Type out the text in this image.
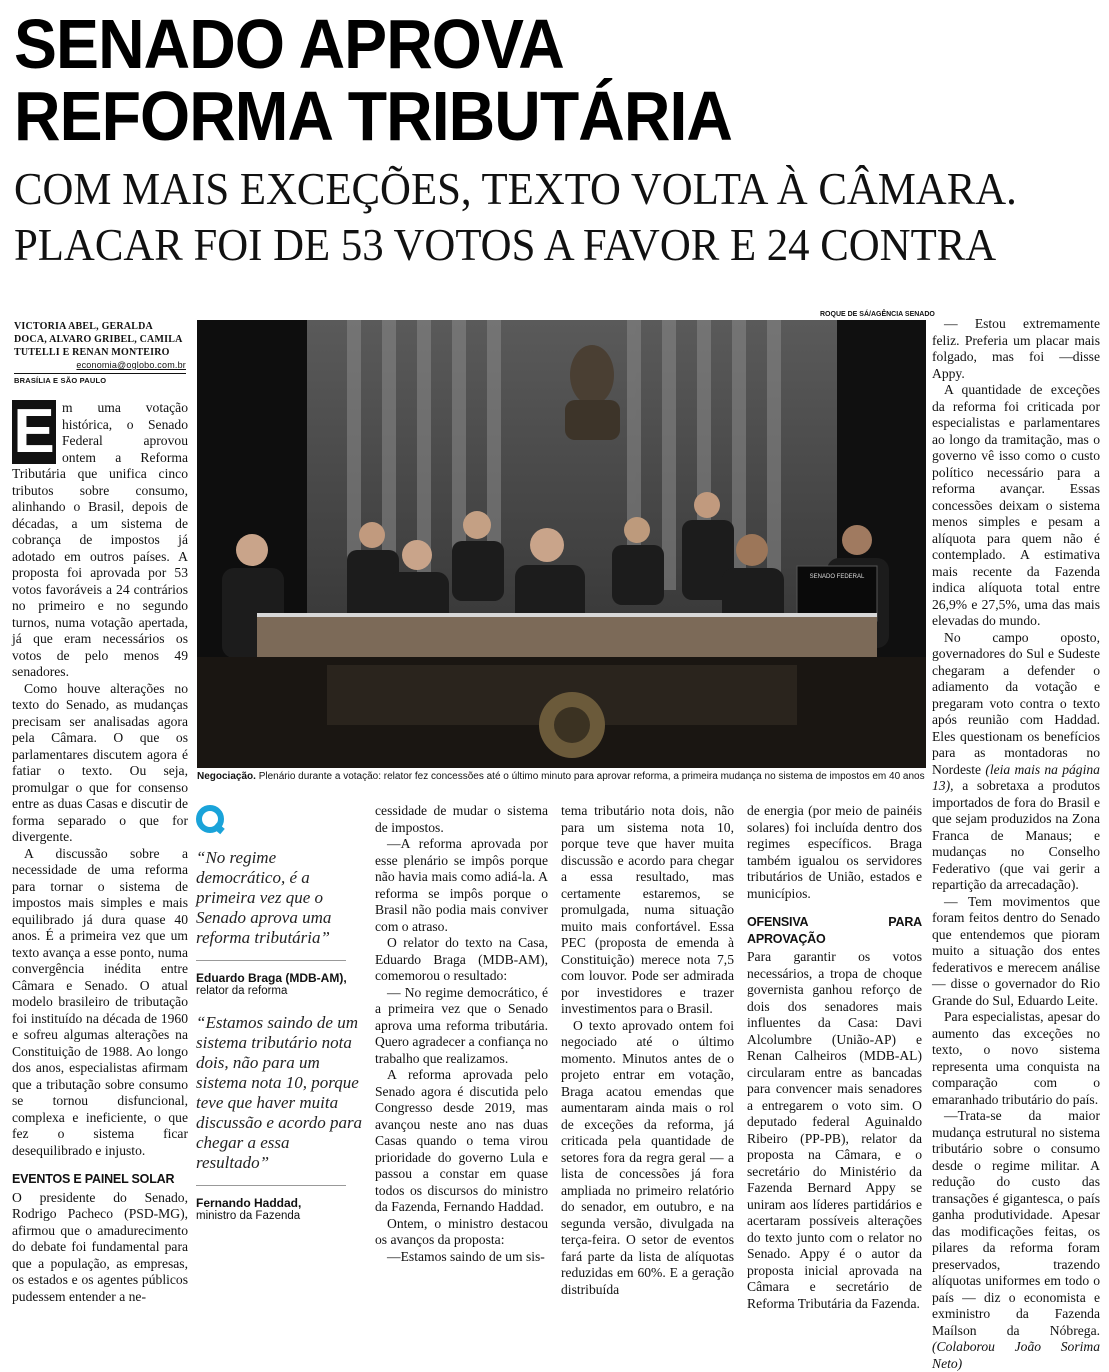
SENADO APROVA
REFORMA TRIBUTÁRIA
COM MAIS EXCEÇÕES, TEXTO VOLTA À CÂMARA.
PLACAR FOI DE 53 VOTOS A FAVOR E 24 CONTRA
VICTORIA ABEL, GERALDA DOCA, ALVARO GRIBEL, CAMILA TUTELLI E RENAN MONTEIRO
economia@oglobo.com.br
BRASÍLIA E SÃO PAULO
ROQUE DE SÁ/AGÊNCIA SENADO
SENADO FEDERAL
Negociação. Plenário durante a votação: relator fez concessões até o último minuto para aprovar reforma, a primeira mudança no sistema de impostos em 40 anos
E m uma votação histórica, o Senado Federal aprovou ontem a Reforma Tributária que unifica cinco tributos sobre consumo, alinhando o Brasil, depois de décadas, a um sistema de cobrança de impostos já adotado em outros países. A proposta foi aprovada por 53 votos favoráveis a 24 contrários no primeiro e no segundo turnos, numa votação apertada, já que eram necessários os votos de pelo menos 49 senadores.

Como houve alterações no texto do Senado, as mudanças precisam ser analisadas agora pela Câmara. O que os parlamentares discutem agora é fatiar o texto. Ou seja, promulgar o que for consenso entre as duas Casas e discutir de forma separado o que for divergente.

A discussão sobre a necessidade de uma reforma para tornar o sistema de impostos mais simples e mais equilibrado já dura quase 40 anos. É a primeira vez que um texto avança a esse ponto, numa convergência inédita entre Câmara e Senado. O atual modelo brasileiro de tributação foi instituído na década de 1960 e sofreu algumas alterações na Constituição de 1988. Ao longo dos anos, especialistas afirmam que a tributação sobre consumo se tornou disfuncional, complexa e ineficiente, o que fez o sistema ficar desequilibrado e injusto.

EVENTOS E PAINEL SOLAR

O presidente do Senado, Rodrigo Pacheco (PSD-MG), afirmou que o amadurecimento do debate foi fundamental para que a população, as empresas, os estados e os agentes públicos pudessem entender a ne-

“No regime democrático, é a primeira vez que o Senado aprova uma reforma tributária”
Eduardo Braga (MDB-AM),
relator da reforma
“Estamos saindo de um sistema tributário nota dois, não para um sistema nota 10, porque teve que haver muita discussão e acordo para chegar a essa resultado”
Fernando Haddad,
ministro da Fazenda

cessidade de mudar o sistema de impostos.

—A reforma aprovada por esse plenário se impôs porque não havia mais como adiá-la. A reforma se impôs porque o Brasil não podia mais conviver com o atraso.

O relator do texto na Casa, Eduardo Braga (MDB-AM), comemorou o resultado:

— No regime democrático, é a primeira vez que o Senado aprova uma reforma tributária. Quero agradecer a confiança no trabalho que realizamos.

A reforma aprovada pelo Senado agora é discutida pelo Congresso desde 2019, mas avançou neste ano nas duas Casas quando o tema virou prioridade do governo Lula e passou a constar em quase todos os discursos do ministro da Fazenda, Fernando Haddad.

Ontem, o ministro destacou os avanços da proposta:

—Estamos saindo de um sis-

tema tributário nota dois, não para um sistema nota 10, porque teve que haver muita discussão e acordo para chegar a essa resultado, mas certamente estaremos, se promulgada, numa situação muito mais confortável. Essa PEC (proposta de emenda à Constituição) merece nota 7,5 com louvor. Pode ser admirada por investidores e trazer investimentos para o Brasil.

O texto aprovado ontem foi negociado até o último momento. Minutos antes de o projeto entrar em votação, Braga acatou emendas que aumentaram ainda mais o rol de exceções da reforma, já criticada pela quantidade de setores fora da regra geral — a lista de concessões já fora ampliada no primeiro relatório do senador, em outubro, e na segunda versão, divulgada na terça-feira. O setor de eventos fará parte da lista de alíquotas reduzidas em 60%. E a geração distribuída

de energia (por meio de painéis solares) foi incluída dentro dos regimes específicos. Braga também igualou os servidores tributários de União, estados e municípios.

OFENSIVA PARA APROVAÇÃO

Para garantir os votos necessários, a tropa de choque governista ganhou reforço de dois dos senadores mais influentes da Casa: Davi Alcolumbre (União-AP) e Renan Calheiros (MDB-AL) circularam entre as bancadas para convencer mais senadores a entregarem o voto sim. O deputado federal Aguinaldo Ribeiro (PP-PB), relator da proposta na Câmara, e o secretário do Ministério da Fazenda Bernard Appy se uniram aos líderes partidários e acertaram possíveis alterações do texto junto com o relator no Senado. Appy é o autor da proposta inicial aprovada na Câmara e secretário de Reforma Tributária da Fazenda.

— Estou extremamente feliz. Preferia um placar mais folgado, mas foi —disse Appy.

A quantidade de exceções da reforma foi criticada por especialistas e parlamentares ao longo da tramitação, mas o governo vê isso como o custo político necessário para a reforma avançar. Essas concessões deixam o sistema menos simples e pesam a alíquota para quem não é contemplado. A estimativa mais recente da Fazenda indica alíquota total entre 26,9% e 27,5%, uma das mais elevadas do mundo.

No campo oposto, governadores do Sul e Sudeste chegaram a defender o adiamento da votação e pregaram voto contra o texto após reunião com Haddad. Eles questionam os benefícios para as montadoras no Nordeste (leia mais na página 13), a sobretaxa a produtos importados de fora do Brasil e que sejam produzidos na Zona Franca de Manaus; e mudanças no Conselho Federativo (que vai gerir a repartição da arrecadação).

— Tem movimentos que foram feitos dentro do Senado que entendemos que pioram muito a situação dos entes federativos e merecem análise — disse o governador do Rio Grande do Sul, Eduardo Leite.

Para especialistas, apesar do aumento das exceções no texto, o novo sistema representa uma conquista na comparação com o emaranhado tributário do país.

—Trata-se da maior mudança estrutural no sistema tributário sobre o consumo desde o regime militar. A redução do custo das transações é gigantesca, o país ganha produtividade. Apesar das modificações feitas, os pilares da reforma foram preservados, trazendo alíquotas uniformes em todo o país — diz o economista e exministro da Fazenda Maílson da Nóbrega. (Colaborou João Sorima Neto)
